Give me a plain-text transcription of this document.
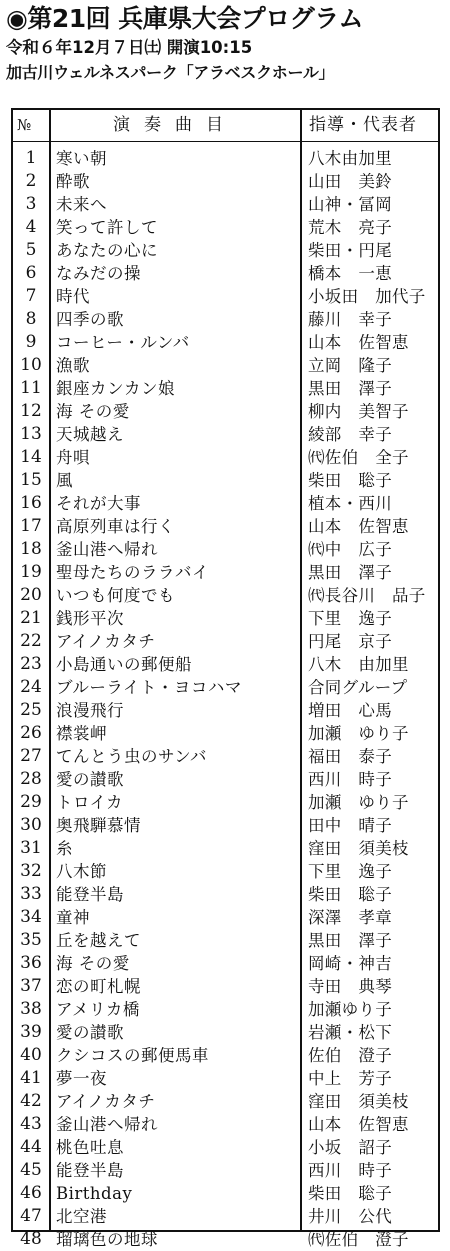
◉第21回 兵庫県大会プログラム
令和６年12月７日㈯ 開演10:15
加古川ウェルネスパーク「アラベスクホール」
№	演奏曲目	指導・代表者
1	寒い朝	八木由加里
2	酔歌	山田　美鈴
3	未来へ	山神・冨岡
4	笑って許して	荒木　亮子
5	あなたの心に	柴田・円尾
6	なみだの操	橋本　一恵
7	時代	小坂田　加代子
8	四季の歌	藤川　幸子
9	コーヒー・ルンバ	山本　佐智恵
10 漁歌	立岡　隆子
11 銀座カンカン娘	黒田　澤子
12 海 その愛	柳内　美智子
13 天城越え	綾部　幸子
14 舟唄	㈹佐伯　全子
15 風	柴田　聡子
16 それが大事	植本・西川
17 高原列車は行く	山本　佐智恵
18 釜山港へ帰れ	㈹中　広子
19 聖母たちのララバイ	黒田　澤子
20 いつも何度でも	㈹長谷川　品子
21 銭形平次	下里　逸子
22 アイノカタチ	円尾　京子
23 小島通いの郵便船	八木　由加里
24 ブルーライト・ヨコハマ	合同グループ
25 浪漫飛行	増田　心馬
26 襟裳岬	加瀬　ゆり子
27 てんとう虫のサンバ	福田　泰子
28 愛の讃歌	西川　時子
29 トロイカ	加瀬　ゆり子
30 奥飛騨慕情	田中　晴子
31 糸	窪田　須美枝
32 八木節	下里　逸子
33 能登半島	柴田　聡子
34 童神	深澤　孝章
35 丘を越えて	黒田　澤子
36 海 その愛	岡崎・神吉
37 恋の町札幌	寺田　典琴
38 アメリカ橋	加瀬ゆり子
39 愛の讃歌	岩瀬・松下
40 クシコスの郵便馬車	佐伯　澄子
41 夢一夜	中上　芳子
42 アイノカタチ	窪田　須美枝
43 釜山港へ帰れ	山本　佐智恵
44 桃色吐息	小坂　詔子
45 能登半島	西川　時子
46 Birthday	柴田　聡子
47 北空港	井川　公代
48 瑠璃色の地球	㈹佐伯　澄子
